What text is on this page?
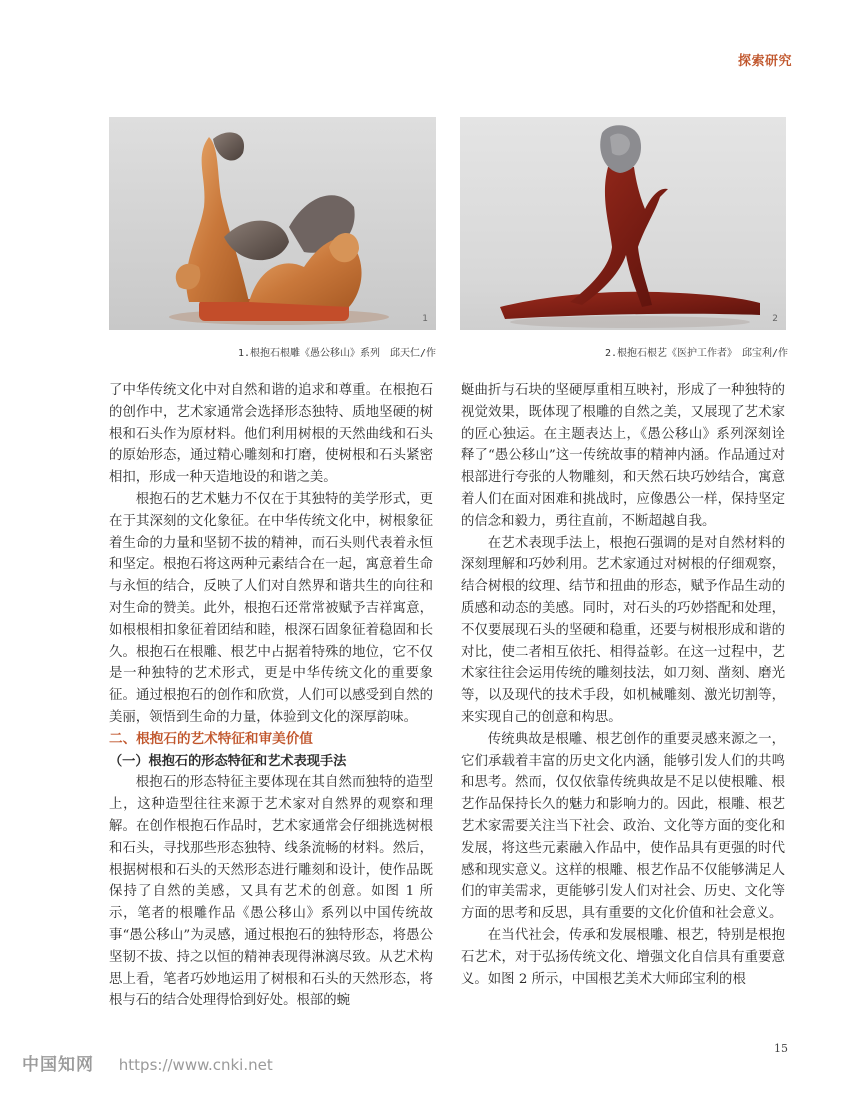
探索研究
1	2
1.根抱石根雕《愚公移山》系列　邱天仁/作	2.根抱石根艺《医护工作者》　邱宝利/作

了中华传统文化中对自然和谐的追求和尊重。在根抱石的创作中，艺术家通常会选择形态独特、质地坚硬的树根和石头作为原材料。他们利用树根的天然曲线和石头的原始形态，通过精心雕刻和打磨，使树根和石头紧密相扣，形成一种天造地设的和谐之美。

根抱石的艺术魅力不仅在于其独特的美学形式，更在于其深刻的文化象征。在中华传统文化中，树根象征着生命的力量和坚韧不拔的精神，而石头则代表着永恒和坚定。根抱石将这两种元素结合在一起，寓意着生命与永恒的结合，反映了人们对自然界和谐共生的向往和对生命的赞美。此外，根抱石还常常被赋予吉祥寓意，如根根相扣象征着团结和睦，根深石固象征着稳固和长久。根抱石在根雕、根艺中占据着特殊的地位，它不仅是一种独特的艺术形式，更是中华传统文化的重要象征。通过根抱石的创作和欣赏，人们可以感受到自然的美丽，领悟到生命的力量，体验到文化的深厚韵味。

二、根抱石的艺术特征和审美价值

（一）根抱石的形态特征和艺术表现手法

根抱石的形态特征主要体现在其自然而独特的造型上，这种造型往往来源于艺术家对自然界的观察和理解。在创作根抱石作品时，艺术家通常会仔细挑选树根和石头，寻找那些形态独特、线条流畅的材料。然后，根据树根和石头的天然形态进行雕刻和设计，使作品既保持了自然的美感，又具有艺术的创意。如图 1 所示，笔者的根雕作品《愚公移山》系列以中国传统故事“愚公移山”为灵感，通过根抱石的独特形态，将愚公坚韧不拔、持之以恒的精神表现得淋漓尽致。从艺术构思上看，笔者巧妙地运用了树根和石头的天然形态，将根与石的结合处理得恰到好处。根部的蜿

蜒曲折与石块的坚硬厚重相互映衬，形成了一种独特的视觉效果，既体现了根雕的自然之美，又展现了艺术家的匠心独运。在主题表达上，《愚公移山》系列深刻诠释了“愚公移山”这一传统故事的精神内涵。作品通过对根部进行夸张的人物雕刻，和天然石块巧妙结合，寓意着人们在面对困难和挑战时，应像愚公一样，保持坚定的信念和毅力，勇往直前，不断超越自我。

在艺术表现手法上，根抱石强调的是对自然材料的深刻理解和巧妙利用。艺术家通过对树根的仔细观察，结合树根的纹理、结节和扭曲的形态，赋予作品生动的质感和动态的美感。同时，对石头的巧妙搭配和处理，不仅要展现石头的坚硬和稳重，还要与树根形成和谐的对比，使二者相互依托、相得益彰。在这一过程中，艺术家往往会运用传统的雕刻技法，如刀刻、凿刻、磨光等，以及现代的技术手段，如机械雕刻、激光切割等，来实现自己的创意和构思。

传统典故是根雕、根艺创作的重要灵感来源之一，它们承载着丰富的历史文化内涵，能够引发人们的共鸣和思考。然而，仅仅依靠传统典故是不足以使根雕、根艺作品保持长久的魅力和影响力的。因此，根雕、根艺艺术家需要关注当下社会、政治、文化等方面的变化和发展，将这些元素融入作品中，使作品具有更强的时代感和现实意义。这样的根雕、根艺作品不仅能够满足人们的审美需求，更能够引发人们对社会、历史、文化等方面的思考和反思，具有重要的文化价值和社会意义。

在当代社会，传承和发展根雕、根艺，特别是根抱石艺术，对于弘扬传统文化、增强文化自信具有重要意义。如图 2 所示，中国根艺美术大师邱宝利的根

15
中国知网 https://www.cnki.net
